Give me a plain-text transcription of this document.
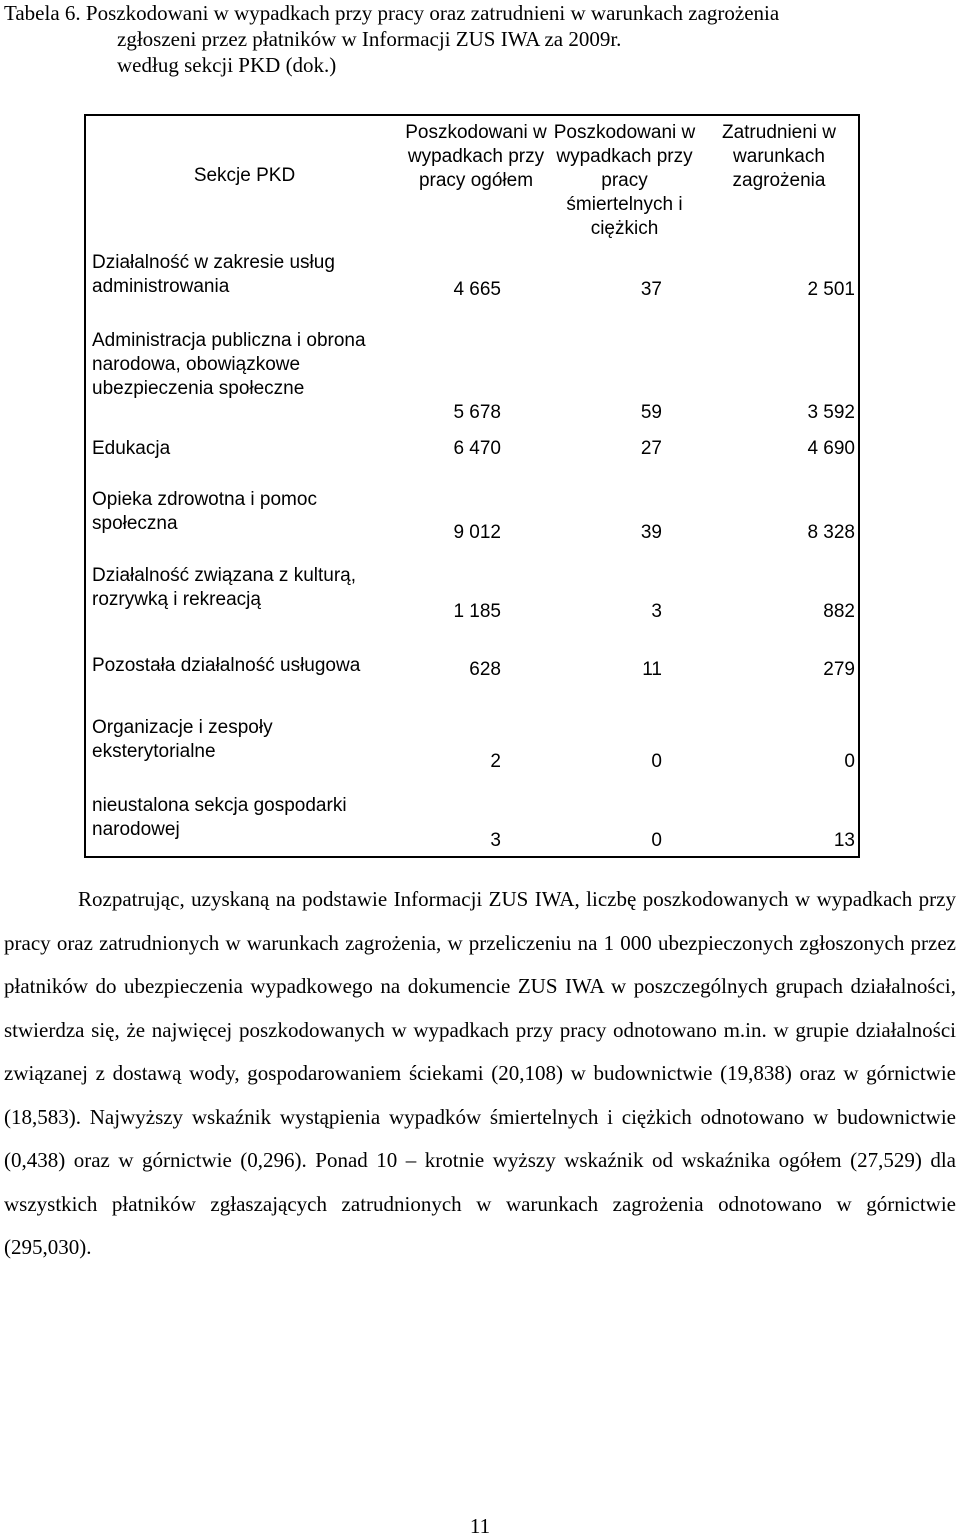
Tabela 6. Poszkodowani w wypadkach przy pracy oraz zatrudnieni w warunkach zagrożenia
zgłoszeni przez płatników w Informacji ZUS IWA za 2009r.
według sekcji PKD (dok.)
Sekcje PKD	Poszkodowani w wypadkach przy pracy ogółem	Poszkodowani w wypadkach przy pracy śmiertelnych i ciężkich	Zatrudnieni w warunkach zagrożenia

Działalność w zakresie usług administrowania	4 665	37	2 501

Administracja publiczna i obrona narodowa, obowiązkowe ubezpieczenia społeczne	5 678	59	3 592

Edukacja	6 470	27	4 690

Opieka zdrowotna i pomoc społeczna	9 012	39	8 328

Działalność związana z kulturą, rozrywką i rekreacją	1 185	3	882

Pozostała działalność usługowa	628	11	279

Organizacje i zespoły eksterytorialne	2	0	0

nieustalona sekcja gospodarki narodowej	3	0	13

Rozpatrując, uzyskaną na podstawie Informacji ZUS IWA, liczbę poszkodowanych w wypadkach przy pracy oraz zatrudnionych w warunkach zagrożenia, w przeliczeniu na 1 000 ubezpieczonych zgłoszonych przez płatników do ubezpieczenia wypadkowego na dokumencie ZUS IWA w poszczególnych grupach działalności, stwierdza się, że najwięcej poszkodowanych w wypadkach przy pracy odnotowano m.in. w grupie działalności związanej z dostawą wody, gospodarowaniem ściekami (20,108) w budownictwie (19,838) oraz w górnictwie (18,583). Najwyższy wskaźnik wystąpienia wypadków śmiertelnych i ciężkich odnotowano w budownictwie (0,438) oraz w górnictwie (0,296). Ponad 10 – krotnie wyższy wskaźnik od wskaźnika ogółem (27,529) dla wszystkich płatników zgłaszających zatrudnionych w warunkach zagrożenia odnotowano w górnictwie (295,030).

11
